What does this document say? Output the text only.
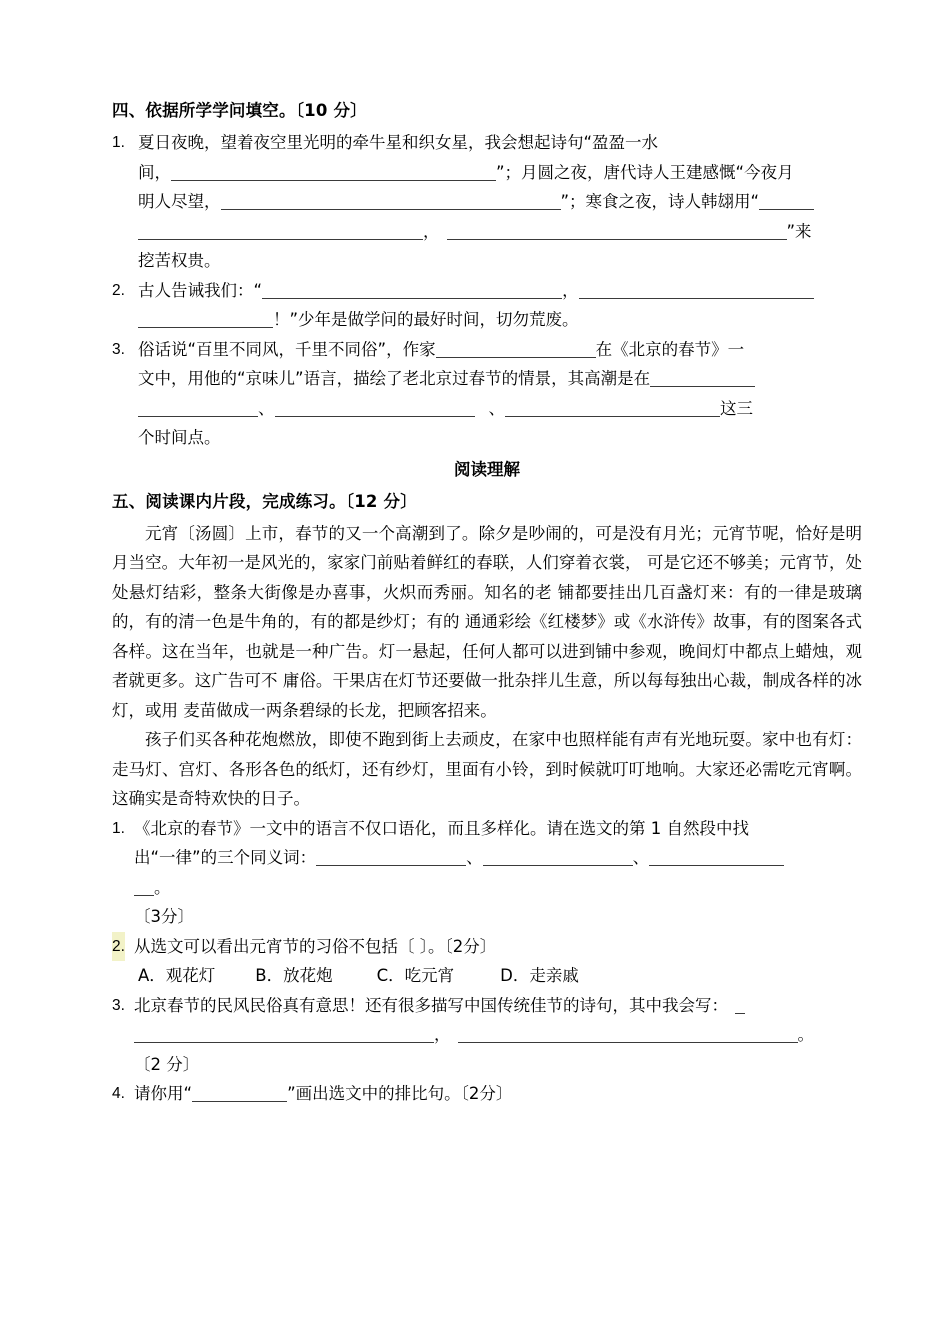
四、依据所学学问填空。〔10 分〕
1. 夏日夜晚，望着夜空里光明的牵牛星和织女星，我会想起诗句“盈盈一水
间，	”；月圆之夜，唐代诗人王建感慨“今夜月
明人尽望，	”；寒食之夜，诗人韩翃用“
，	”来
挖苦权贵。
2. 古人告诫我们：“	，
！”少年是做学问的最好时间，切勿荒废。
3. 俗话说“百里不同风，千里不同俗”，作家	在《北京的春节》一
文中，用他的“京味儿”语言，描绘了老北京过春节的情景，其高潮是在
、	、	这三
个时间点。
阅读理解
五、阅读课内片段，完成练习。〔12 分〕
元宵〔汤圆〕上市，春节的又一个高潮到了。除夕是吵闹的，可是没有月光；元宵节呢，恰好是明月当空。大年初一是风光的，家家门前贴着鲜红的春联，人们穿着衣裳， 可是它还不够美；元宵节，处处悬灯结彩，整条大街像是办喜事，火炽而秀丽。知名的老 铺都要挂出几百盏灯来：有的一律是玻璃的，有的清一色是牛角的，有的都是纱灯；有的 通通彩绘《红楼梦》或《水浒传》故事，有的图案各式各样。这在当年，也就是一种广告。灯一悬起，任何人都可以进到铺中参观，晚间灯中都点上蜡烛，观者就更多。这广告可不 庸俗。干果店在灯节还要做一批杂拌儿生意，所以每每独出心裁，制成各样的冰灯，或用 麦苗做成一两条碧绿的长龙，把顾客招来。
孩子们买各种花炮燃放，即使不跑到街上去顽皮，在家中也照样能有声有光地玩耍。家中也有灯：走马灯、宫灯、各形各色的纸灯，还有纱灯，里面有小铃，到时候就叮叮地响。大家还必需吃元宵啊。这确实是奇特欢快的日子。
1. 《北京的春节》一文中的语言不仅口语化，而且多样化。请在选文的第 1 自然段中找
出“一律”的三个同义词：	、	、
。
〔3分〕
2. 从选文可以看出元宵节的习俗不包括〔 〕。〔2分〕
A．观花灯 B．放花炮	C．吃元宵	D．走亲戚
3. 北京春节的民风民俗真有意思！还有很多描写中国传统佳节的诗句，其中我会写：
，	。
〔2 分〕
4. 请你用“	”画出选文中的排比句。〔2分〕
